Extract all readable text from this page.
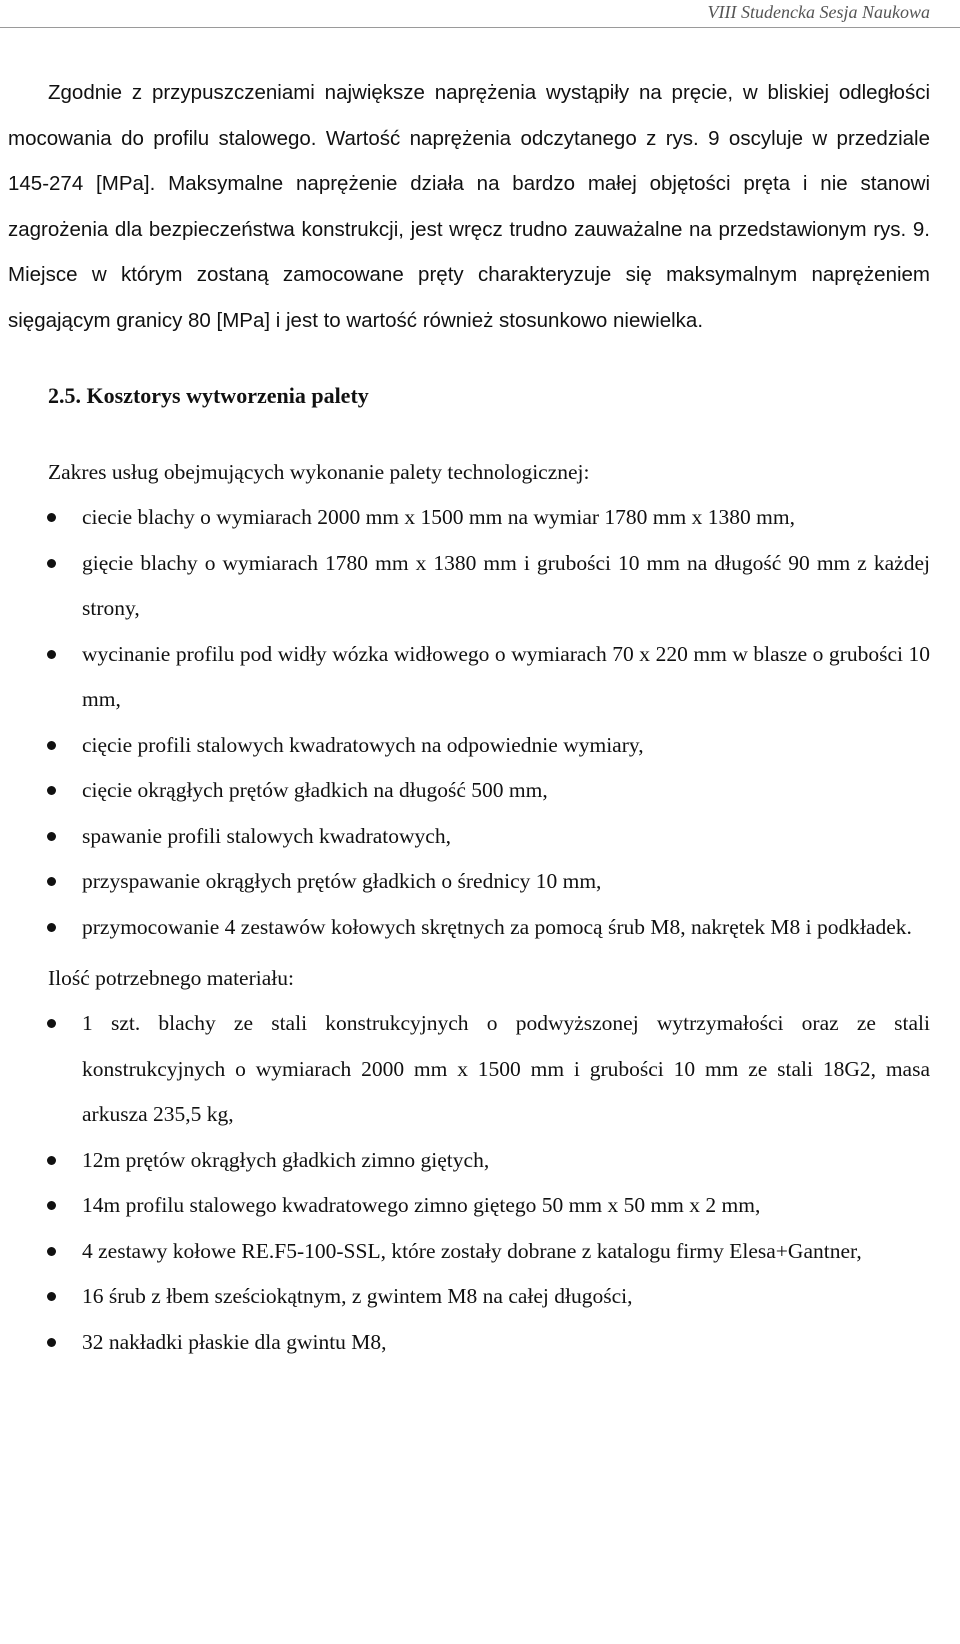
VIII Studencka Sesja Naukowa

Zgodnie z przypuszczeniami największe naprężenia wystąpiły na pręcie, w bliskiej odległości mocowania do profilu stalowego. Wartość naprężenia odczytanego z rys. 9 oscyluje w przedziale 145-274 [MPa]. Maksymalne naprężenie działa na bardzo małej objętości pręta i nie stanowi zagrożenia dla bezpieczeństwa konstrukcji, jest wręcz trudno zauważalne na przedstawionym rys. 9. Miejsce w którym zostaną zamocowane pręty charakteryzuje się maksymalnym naprężeniem sięgającym granicy 80 [MPa] i jest to wartość również stosunkowo niewielka.

2.5. Kosztorys wytworzenia palety

Zakres usług obejmujących wykonanie palety technologicznej:

ciecie blachy o wymiarach 2000 mm x 1500 mm na wymiar 1780 mm x 1380 mm,
gięcie blachy o wymiarach 1780 mm x 1380 mm i grubości 10 mm na długość 90 mm z każdej strony,
wycinanie profilu pod widły wózka widłowego o wymiarach 70 x 220 mm w blasze o grubości 10 mm,
cięcie profili stalowych kwadratowych na odpowiednie wymiary,
cięcie okrągłych prętów gładkich na długość 500 mm,
spawanie profili stalowych kwadratowych,
przyspawanie okrągłych prętów gładkich o średnicy 10 mm,
przymocowanie 4 zestawów kołowych skrętnych za pomocą śrub M8, nakrętek M8 i podkładek.

Ilość potrzebnego materiału:

1 szt. blachy ze stali konstrukcyjnych o podwyższonej wytrzymałości oraz ze stali konstrukcyjnych o wymiarach 2000 mm x 1500 mm i grubości 10 mm ze stali 18G2, masa arkusza 235,5 kg,
12m prętów okrągłych gładkich zimno giętych,
14m profilu stalowego kwadratowego zimno giętego 50 mm x 50 mm x 2 mm,
4 zestawy kołowe RE.F5-100-SSL, które zostały dobrane z katalogu firmy Elesa+Gantner,
16 śrub z łbem sześciokątnym, z gwintem M8 na całej długości,
32 nakładki płaskie dla gwintu M8,
